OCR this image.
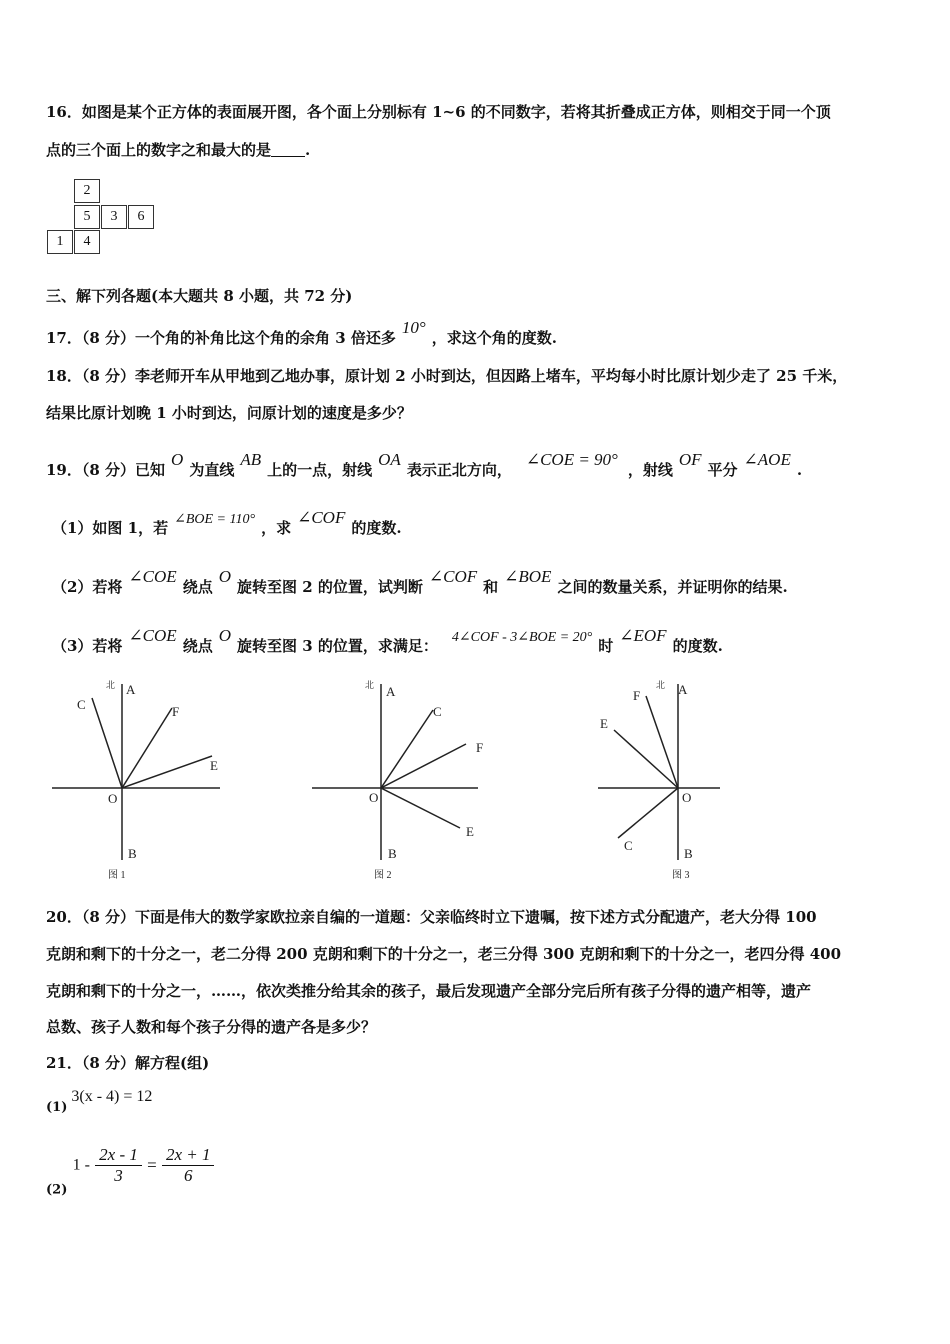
16．如图是某个正方体的表面展开图，各个面上分别标有 1~6 的不同数字，若将其折叠成正方体，则相交于同一个顶
点的三个面上的数字之和最大的是 .
2
5	3	6
1	4
三、解下列各题(本大题共 8 小题，共 72 分)
17．（8 分）一个角的补角比这个角的余角 3 倍还多10°，求这个角的度数.
18．（8 分）李老师开车从甲地到乙地办事，原计划 2 小时到达，但因路上堵车，平均每小时比原计划少走了 25 千米，
结果比原计划晚 1 小时到达，问原计划的速度是多少？
19．（8 分）已知O为直线AB上的一点，射线OA表示正北方向，∠COE = 90°，射线OF平分∠AOE.
（1）如图 1，若 ∠BOE = 110° ，求∠COF的度数.
（2）若将∠COE绕点O旋转至图 2 的位置，试判断∠COF和∠BOE之间的数量关系，并证明你的结果.
（3）若将∠COE绕点O旋转至图 3 的位置，求满足： 4∠COF - 3∠BOE = 20° 时∠EOF的度数.
北 A
C	F
E
O
B
图 1
北 A
C
F
E
O
B
图 2
北 A
F
E
C
O
B
图 3
20．（8 分）下面是伟大的数学家欧拉亲自编的一道题：父亲临终时立下遗嘱，按下述方式分配遗产，老大分得 100
克朗和剩下的十分之一，老二分得 200 克朗和剩下的十分之一，老三分得 300 克朗和剩下的十分之一，老四分得 400
克朗和剩下的十分之一，……，依次类推分给其余的孩子，最后发现遗产全部分完后所有孩子分得的遗产相等，遗产
总数、孩子人数和每个孩子分得的遗产各是多少？
21．（8 分）解方程(组)
(1)3(x - 4) = 12
(2) $1 - \frac{2x - 1}{3} = \frac{2x + 1}{6}$
